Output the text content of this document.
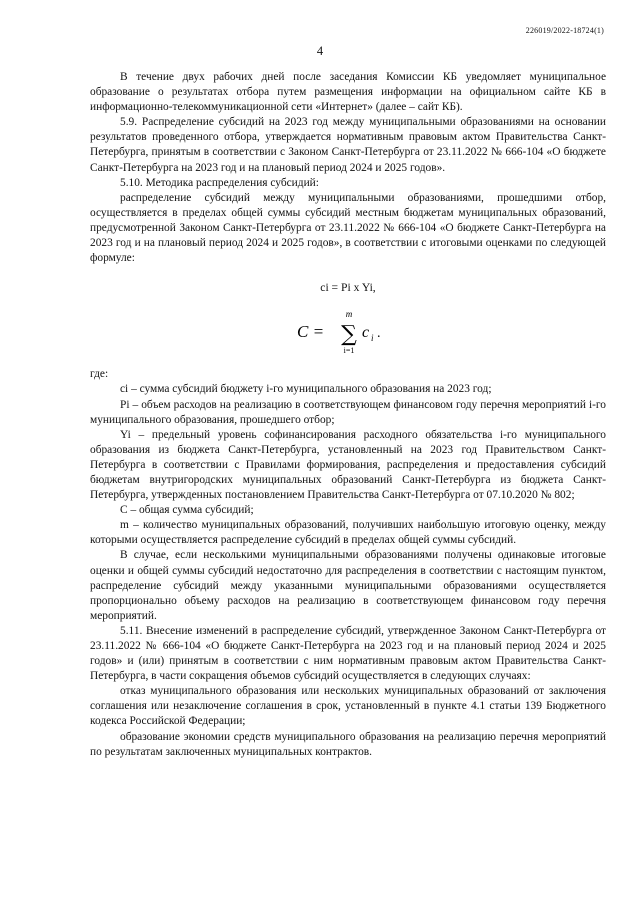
226019/2022-18724(1)
4

В течение двух рабочих дней после заседания Комиссии КБ уведомляет муниципальное образование о результатах отбора путем размещения информации на официальном сайте КБ в информационно-телекоммуникационной сети «Интернет» (далее – сайт КБ).

5.9. Распределение субсидий на 2023 год между муниципальными образованиями на основании результатов проведенного отбора, утверждается нормативным правовым актом Правительства Санкт-Петербурга, принятым в соответствии с Законом Санкт-Петербурга от 23.11.2022 № 666-104 «О бюджете Санкт-Петербурга на 2023 год и на плановый период 2024 и 2025 годов».

5.10. Методика распределения субсидий:

распределение субсидий между муниципальными образованиями, прошедшими отбор, осуществляется в пределах общей суммы субсидий местным бюджетам муниципальных образований, предусмотренной Законом Санкт-Петербурга от 23.11.2022 № 666-104 «О бюджете Санкт-Петербурга на 2023 год и на плановый период 2024 и 2025 годов», в соответствии с итоговыми оценками по следующей формуле:

ci = Pi x Yi,
C =
m
∑
i=1
c i .

где:

ci – сумма субсидий бюджету i-го муниципального образования на 2023 год;

Pi – объем расходов на реализацию в соответствующем финансовом году перечня мероприятий i-го муниципального образования, прошедшего отбор;

Yi – предельный уровень софинансирования расходного обязательства i-го муниципального образования из бюджета Санкт-Петербурга, установленный на 2023 год Правительством Санкт-Петербурга в соответствии с Правилами формирования, распределения и предоставления субсидий бюджетам внутригородских муниципальных образований Санкт-Петербурга из бюджета Санкт-Петербурга, утвержденных постановлением Правительства Санкт-Петербурга от 07.10.2020 № 802;

С – общая сумма субсидий;

m – количество муниципальных образований, получивших наибольшую итоговую оценку, между которыми осуществляется распределение субсидий в пределах общей суммы субсидий.

В случае, если несколькими муниципальными образованиями получены одинаковые итоговые оценки и общей суммы субсидий недостаточно для распределения в соответствии с настоящим пунктом, распределение субсидий между указанными муниципальными образованиями осуществляется пропорционально объему расходов на реализацию в соответствующем финансовом году перечня мероприятий.

5.11. Внесение изменений в распределение субсидий, утвержденное Законом Санкт-Петербурга от 23.11.2022 № 666-104 «О бюджете Санкт-Петербурга на 2023 год и на плановый период 2024 и 2025 годов» и (или) принятым в соответствии с ним нормативным правовым актом Правительства Санкт-Петербурга, в части сокращения объемов субсидий осуществляется в следующих случаях:

отказ муниципального образования или нескольких муниципальных образований от заключения соглашения или незаключение соглашения в срок, установленный в пункте 4.1 статьи 139 Бюджетного кодекса Российской Федерации;

образование экономии средств муниципального образования на реализацию перечня мероприятий по результатам заключенных муниципальных контрактов.
